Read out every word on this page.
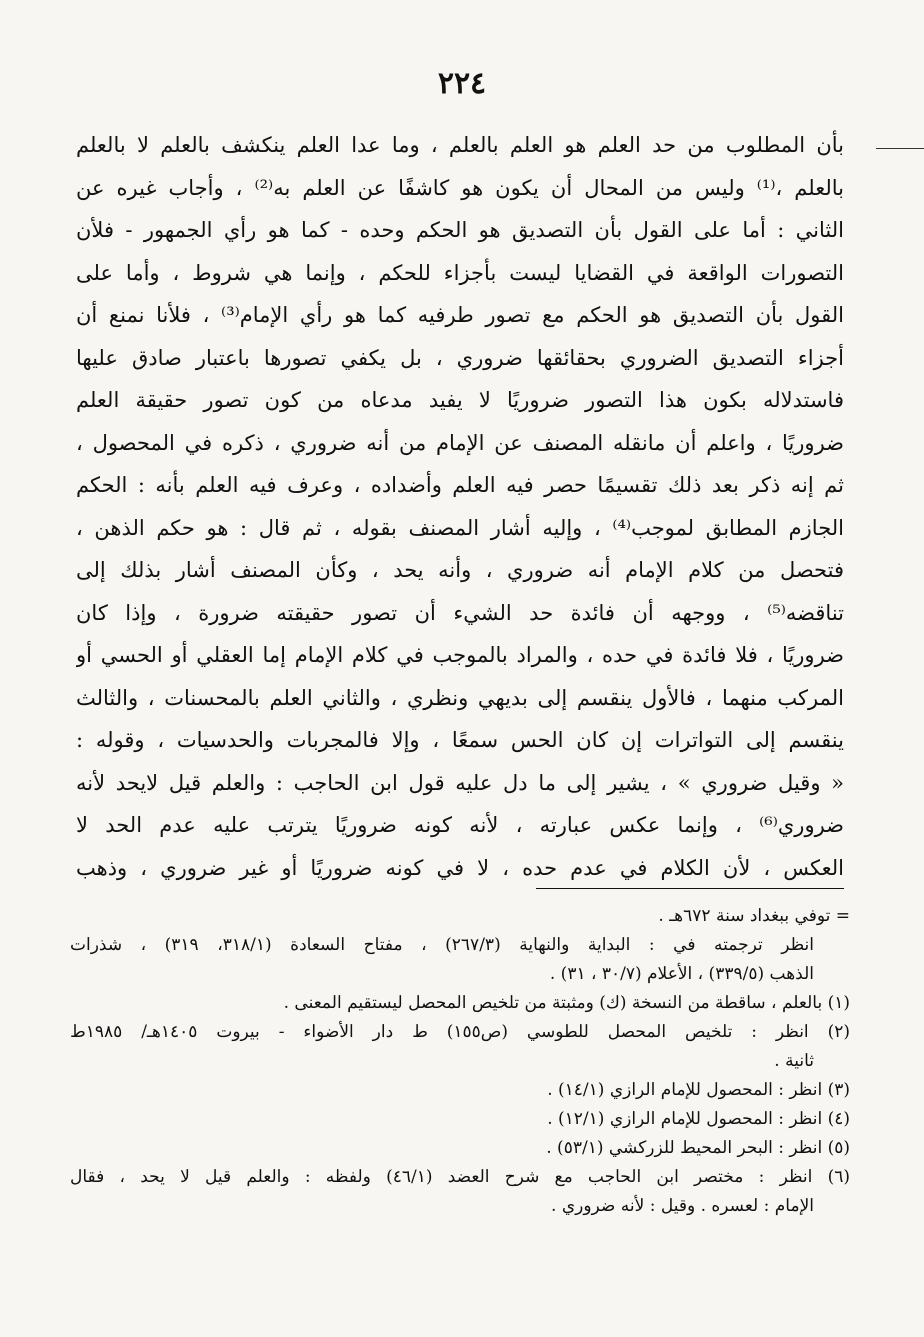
٢٢٤
بأن المطلوب من حد العلم هو العلم بالعلم ، وما عدا العلم ينكشف بالعلم لا بالعلم
بالعلم ،⁽¹⁾ وليس من المحال أن يكون هو كاشفًا عن العلم به⁽²⁾ ، وأجاب غيره عن
الثاني : أما على القول بأن التصديق هو الحكم وحده - كما هو رأي الجمهور - فلأن
التصورات الواقعة في القضايا ليست بأجزاء للحكم ، وإنما هي شروط ، وأما على
القول بأن التصديق هو الحكم مع تصور طرفيه كما هو رأي الإمام⁽³⁾ ، فلأنا نمنع أن
أجزاء التصديق الضروري بحقائقها ضروري ، بل يكفي تصورها باعتبار صادق عليها
فاستدلاله بكون هذا التصور ضروريًا لا يفيد مدعاه من كون تصور حقيقة العلم
ضروريًا ، واعلم أن مانقله المصنف عن الإمام من أنه ضروري ، ذكره في المحصول ،
ثم إنه ذكر بعد ذلك تقسيمًا حصر فيه العلم وأضداده ، وعرف فيه العلم بأنه : الحكم
الجازم المطابق لموجب⁽⁴⁾ ، وإليه أشار المصنف بقوله ، ثم قال : هو حكم الذهن ،
فتحصل من كلام الإمام أنه ضروري ، وأنه يحد ، وكأن المصنف أشار بذلك إلى
تناقضه⁽⁵⁾ ، ووجهه أن فائدة حد الشيء أن تصور حقيقته ضرورة ، وإذا كان
ضروريًا ، فلا فائدة في حده ، والمراد بالموجب في كلام الإمام إما العقلي أو الحسي أو
المركب منهما ، فالأول ينقسم إلى بديهي ونظري ، والثاني العلم بالمحسنات ، والثالث
ينقسم إلى التواترات إن كان الحس سمعًا ، وإلا فالمجربات والحدسيات ، وقوله :
« وقيل ضروري » ، يشير إلى ما دل عليه قول ابن الحاجب : والعلم قيل لايحد لأنه
ضروري⁽⁶⁾ ، وإنما عكس عبارته ، لأنه كونه ضروريًا يترتب عليه عدم الحد لا
العكس ، لأن الكلام في عدم حده ، لا في كونه ضروريًا أو غير ضروري ، وذهب
= توفي ببغداد سنة ٦٧٢هـ .
انظر ترجمته في : البداية والنهاية (٢٦٧/٣) ، مفتاح السعادة (٣١٨/١، ٣١٩) ، شذرات
الذهب (٣٣٩/٥) ، الأعلام (٣٠/٧ ، ٣١) .
(١) بالعلم ، ساقطة من النسخة (ك) ومثبتة من تلخيص المحصل ليستقيم المعنى .
(٢) انظر : تلخيص المحصل للطوسي (ص١٥٥) ط دار الأضواء - بيروت ١٤٠٥هـ/ ١٩٨٥ط
ثانية .
(٣) انظر : المحصول للإمام الرازي (١٤/١) .
(٤) انظر : المحصول للإمام الرازي (١٢/١) .
(٥) انظر : البحر المحيط للزركشي (٥٣/١) .
(٦) انظر : مختصر ابن الحاجب مع شرح العضد (٤٦/١) ولفظه : والعلم قيل لا يحد ، فقال
الإمام : لعسره . وقيل : لأنه ضروري .
